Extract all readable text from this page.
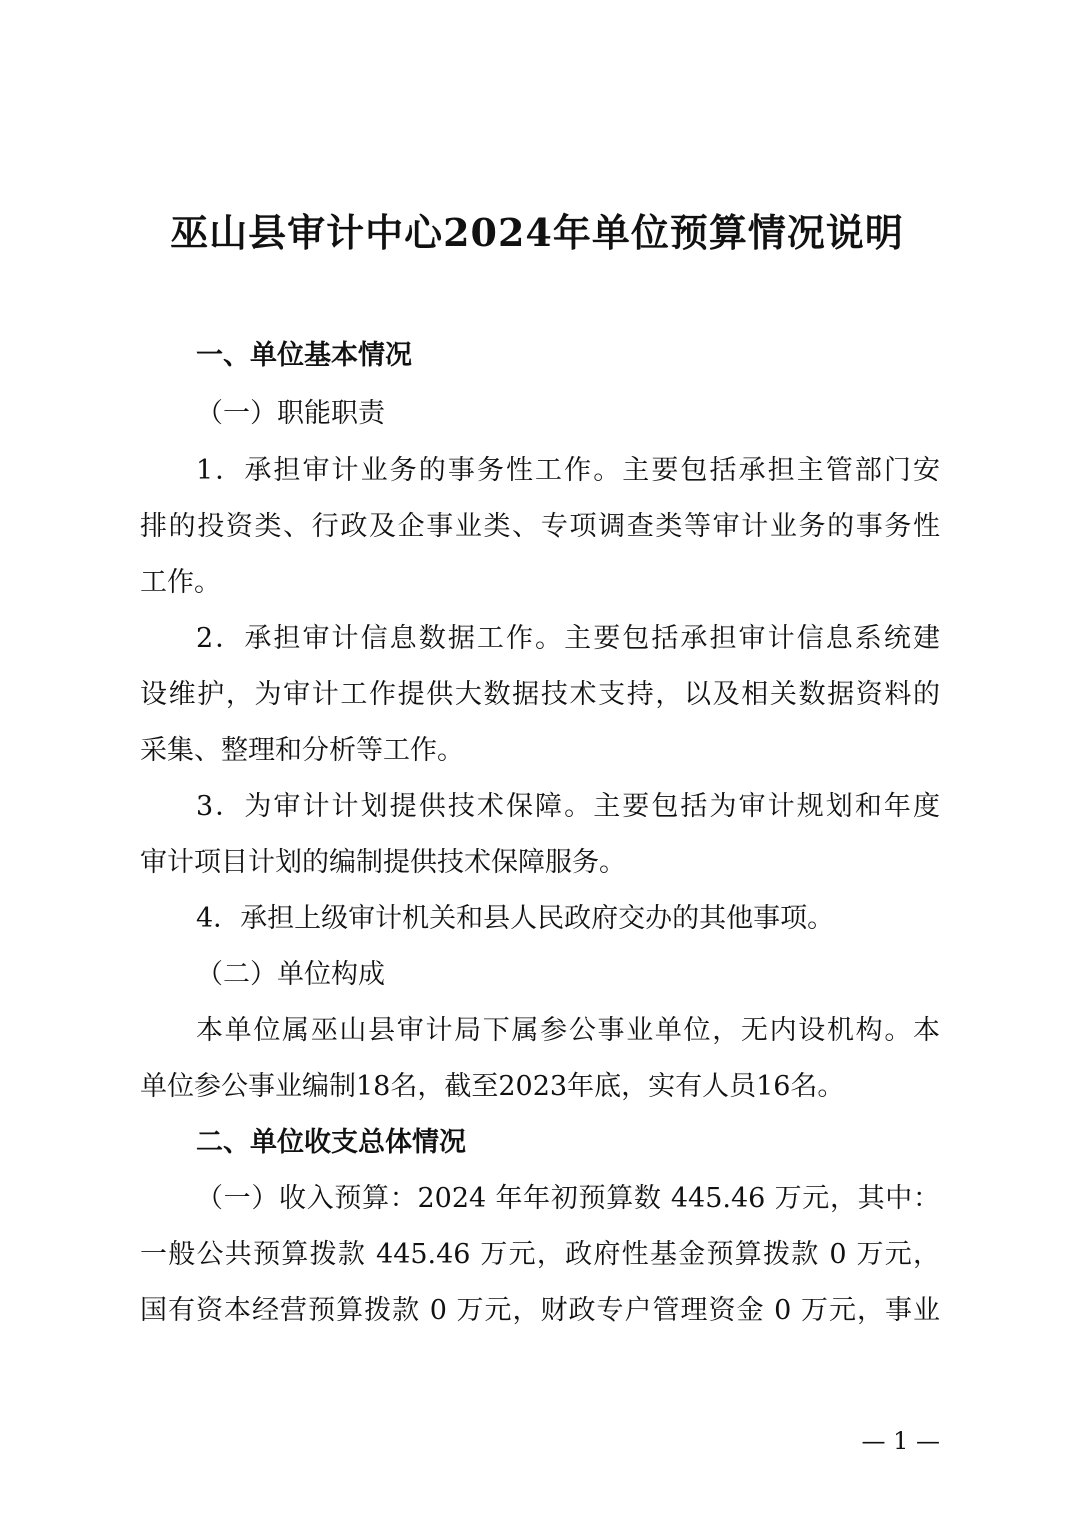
巫山县审计中心2024年单位预算情况说明
一、单位基本情况
（一）职能职责
1．承担审计业务的事务性工作。主要包括承担主管部门安
排的投资类、行政及企事业类、专项调查类等审计业务的事务性
工作。
2．承担审计信息数据工作。主要包括承担审计信息系统建
设维护，为审计工作提供大数据技术支持，以及相关数据资料的
采集、整理和分析等工作。
3．为审计计划提供技术保障。主要包括为审计规划和年度
审计项目计划的编制提供技术保障服务。
4．承担上级审计机关和县人民政府交办的其他事项。
（二）单位构成
本单位属巫山县审计局下属参公事业单位，无内设机构。本
单位参公事业编制18名，截至2023年底，实有人员16名。
二、单位收支总体情况
（一）收入预算：2024 年年初预算数 445.46 万元，其中：
一般公共预算拨款 445.46 万元，政府性基金预算拨款 0 万元，
国有资本经营预算拨款 0 万元，财政专户管理资金 0 万元，事业
— 1 —
